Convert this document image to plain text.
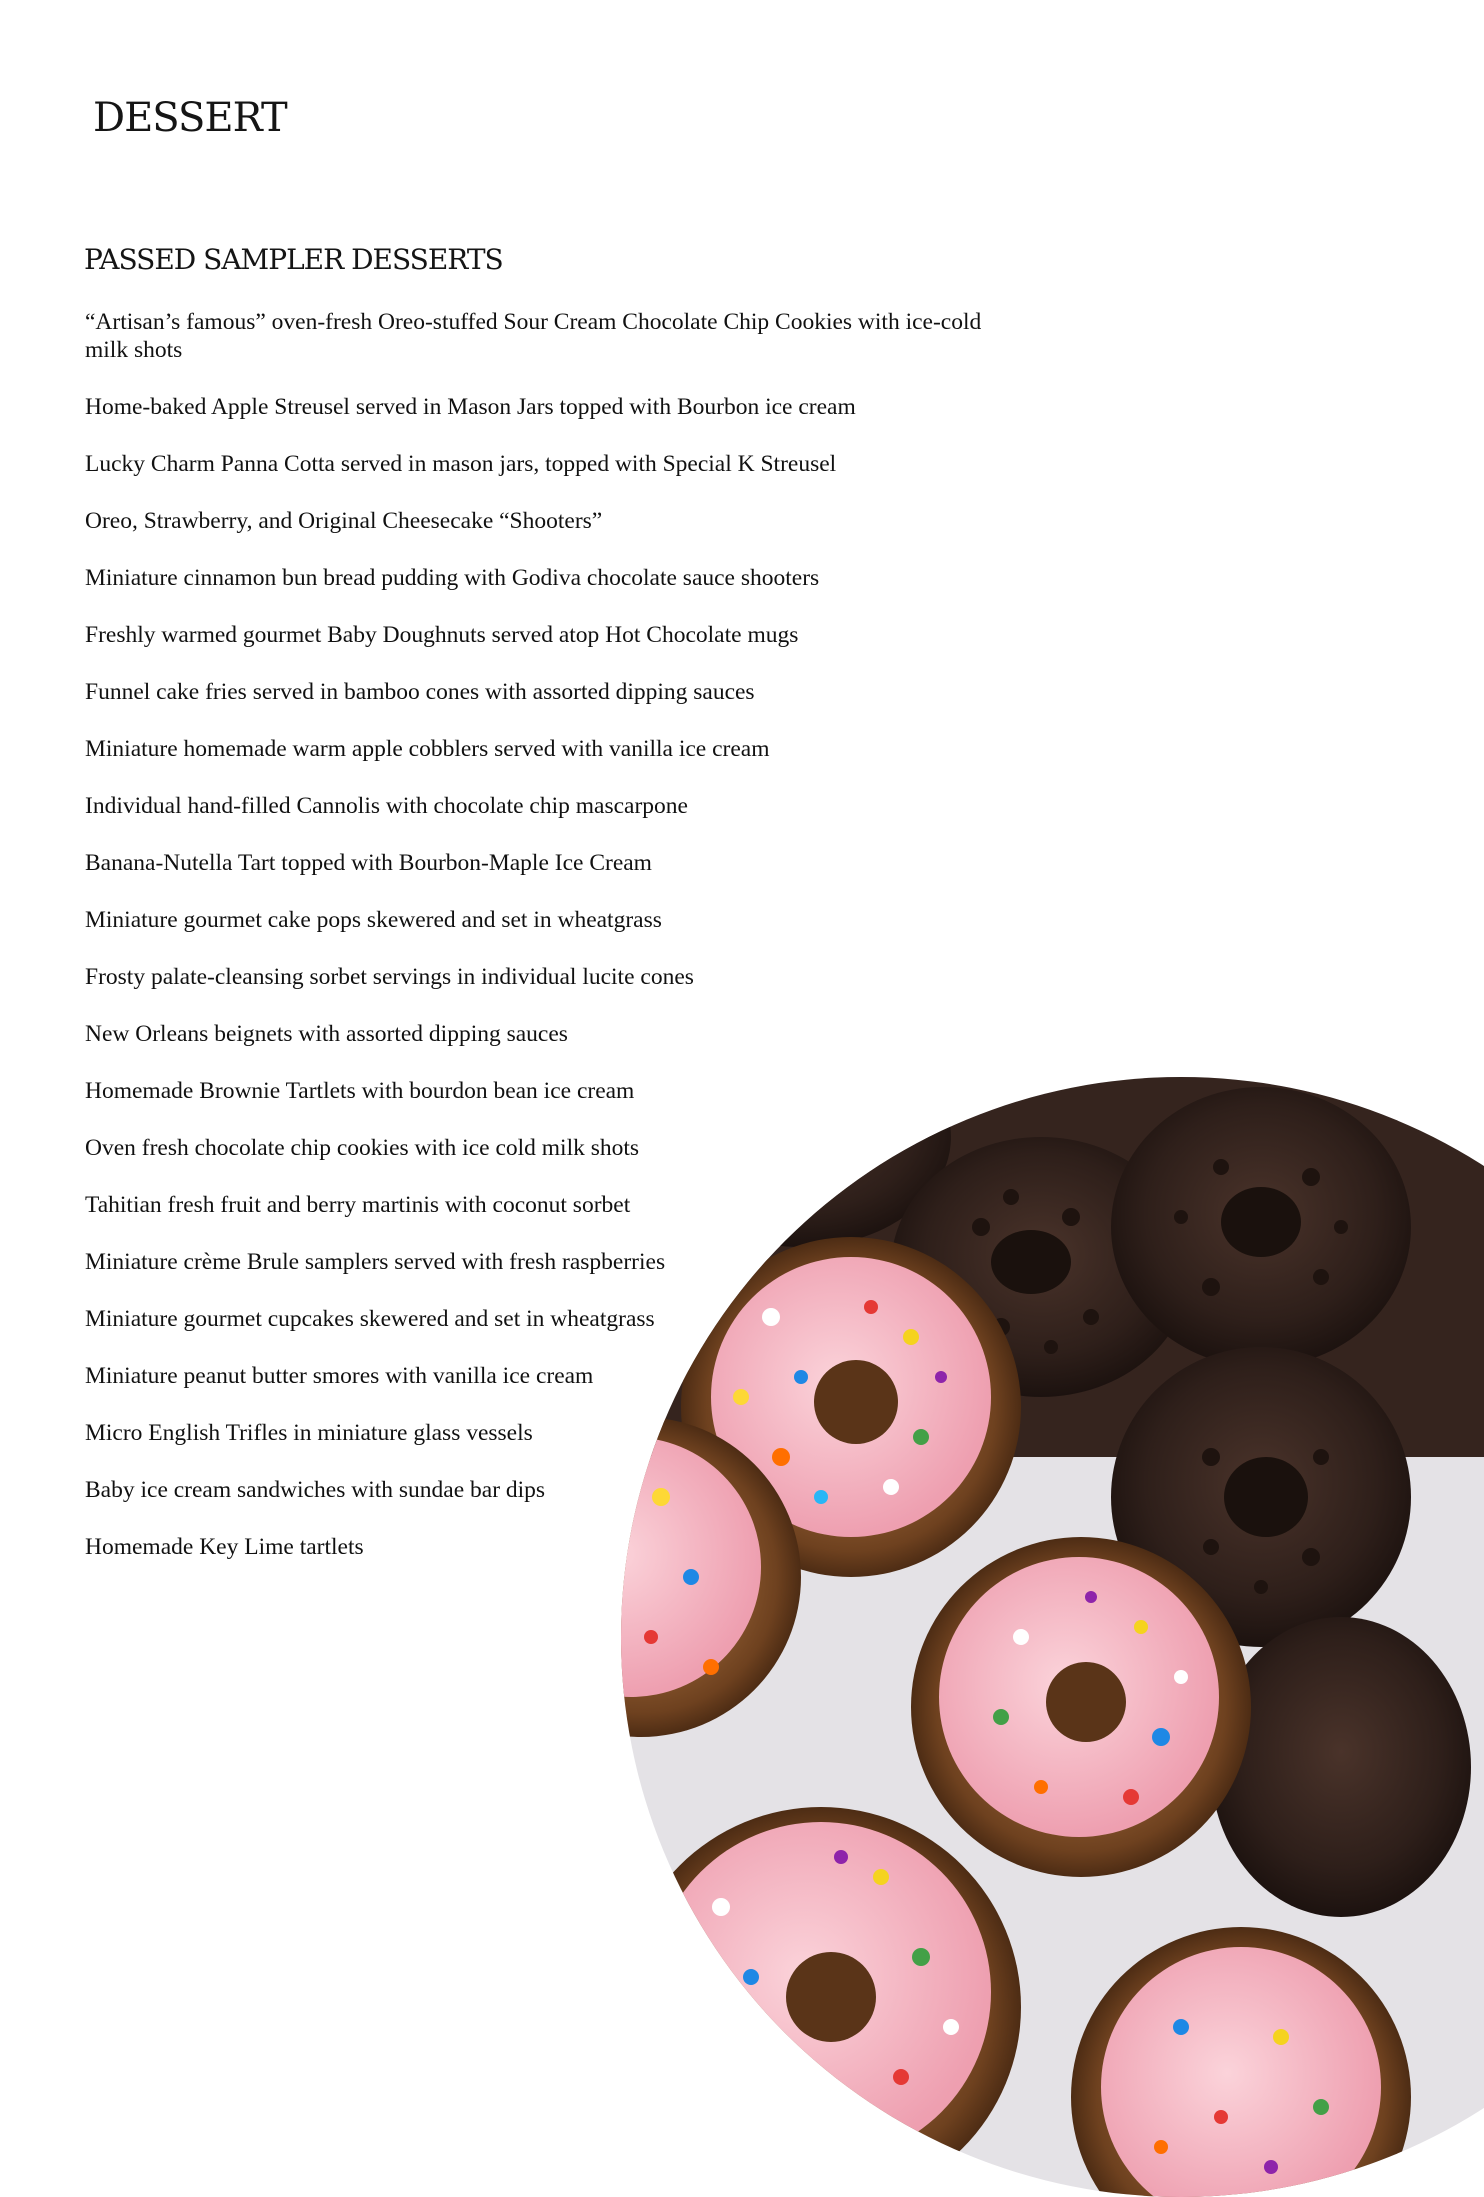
DESSERT
PASSED SAMPLER DESSERTS
“Artisan’s famous” oven-fresh Oreo-stuffed Sour Cream Chocolate Chip Cookies with ice-cold milk shots
Home-baked Apple Streusel served in Mason Jars topped with Bourbon ice cream
Lucky Charm Panna Cotta served in mason jars, topped with Special K Streusel
Oreo, Strawberry, and Original Cheesecake “Shooters”
Miniature cinnamon bun bread pudding with Godiva chocolate sauce shooters
Freshly warmed gourmet Baby Doughnuts served atop Hot Chocolate mugs
Funnel cake fries served in bamboo cones with assorted dipping sauces
Miniature homemade warm apple cobblers served with vanilla ice cream
Individual hand-filled Cannolis with chocolate chip mascarpone
Banana-Nutella Tart topped with Bourbon-Maple Ice Cream
Miniature gourmet cake pops skewered and set in wheatgrass
Frosty palate-cleansing sorbet servings in individual lucite cones
New Orleans beignets with assorted dipping sauces
Homemade Brownie Tartlets with bourdon bean ice cream
Oven fresh chocolate chip cookies with ice cold milk shots
Tahitian fresh fruit and berry martinis with coconut sorbet
Miniature crème Brule samplers served with fresh raspberries
Miniature gourmet cupcakes skewered and set in wheatgrass
Miniature peanut butter smores with vanilla ice cream
Micro English Trifles in miniature glass vessels
Baby ice cream sandwiches with sundae bar dips
Homemade Key Lime tartlets
